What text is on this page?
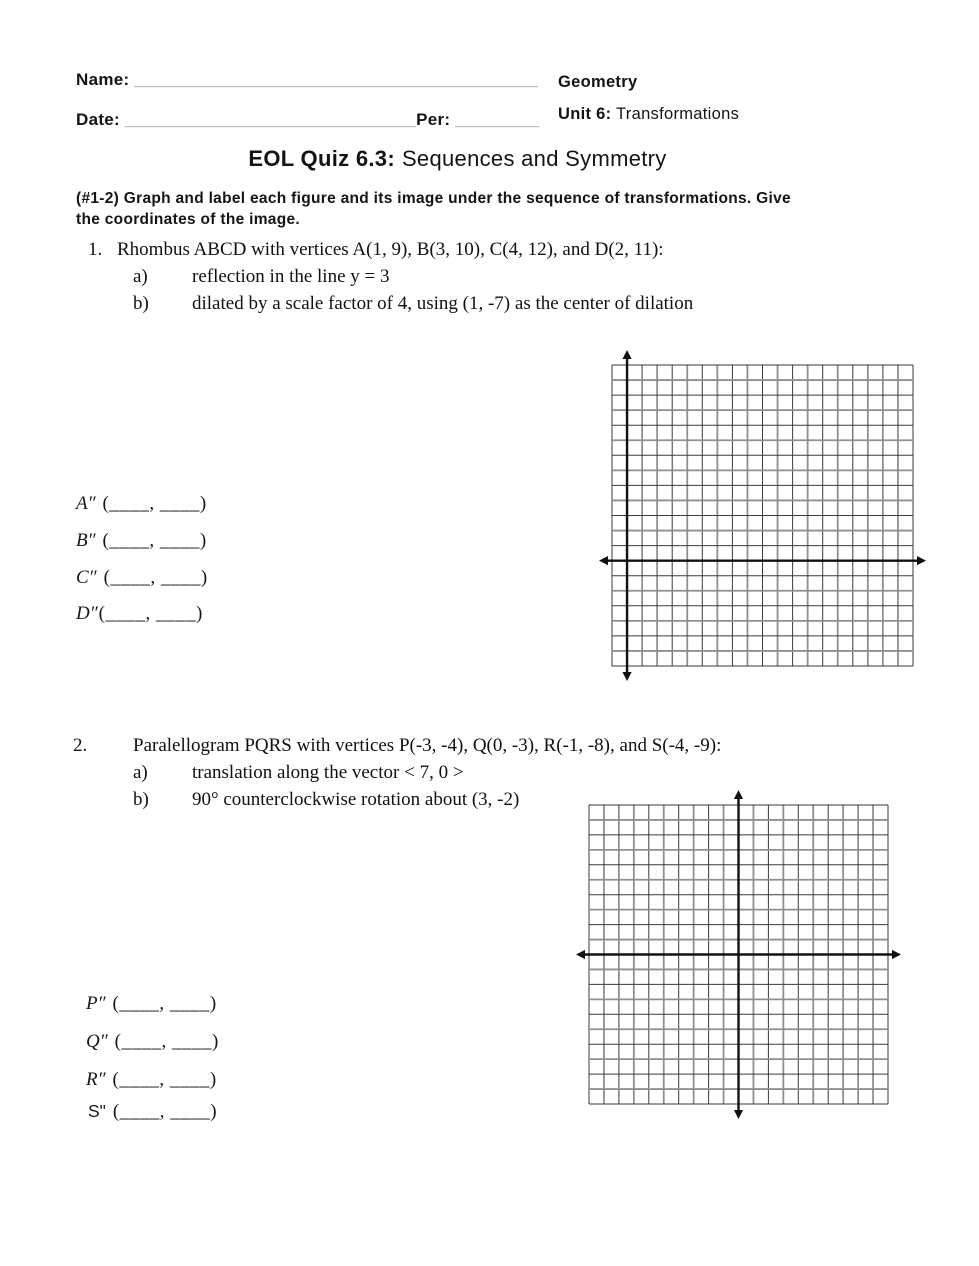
Name: ___________________________________________
Date: _______________________________Per: _________
Geometry
Unit 6: Transformations
EOL Quiz 6.3: Sequences and Symmetry
(#1-2) Graph and label each figure and its image under the sequence of transformations. Give
the coordinates of the image.
1. Rhombus ABCD with vertices A(1, 9), B(3, 10), C(4, 12), and D(2, 11):
a) reflection in the line y = 3
b) dilated by a scale factor of 4, using (1, -7) as the center of dilation
A″ (____, ____)
B″ (____, ____)
C″ (____, ____)
D″(____, ____)
2. Paralellogram PQRS with vertices P(-3, -4), Q(0, -3), R(-1, -8), and S(-4, -9):
a) translation along the vector < 7, 0 >
b) 90° counterclockwise rotation about (3, -2)
P″ (____, ____)
Q″ (____, ____)
R″ (____, ____)
S" (____, ____)
